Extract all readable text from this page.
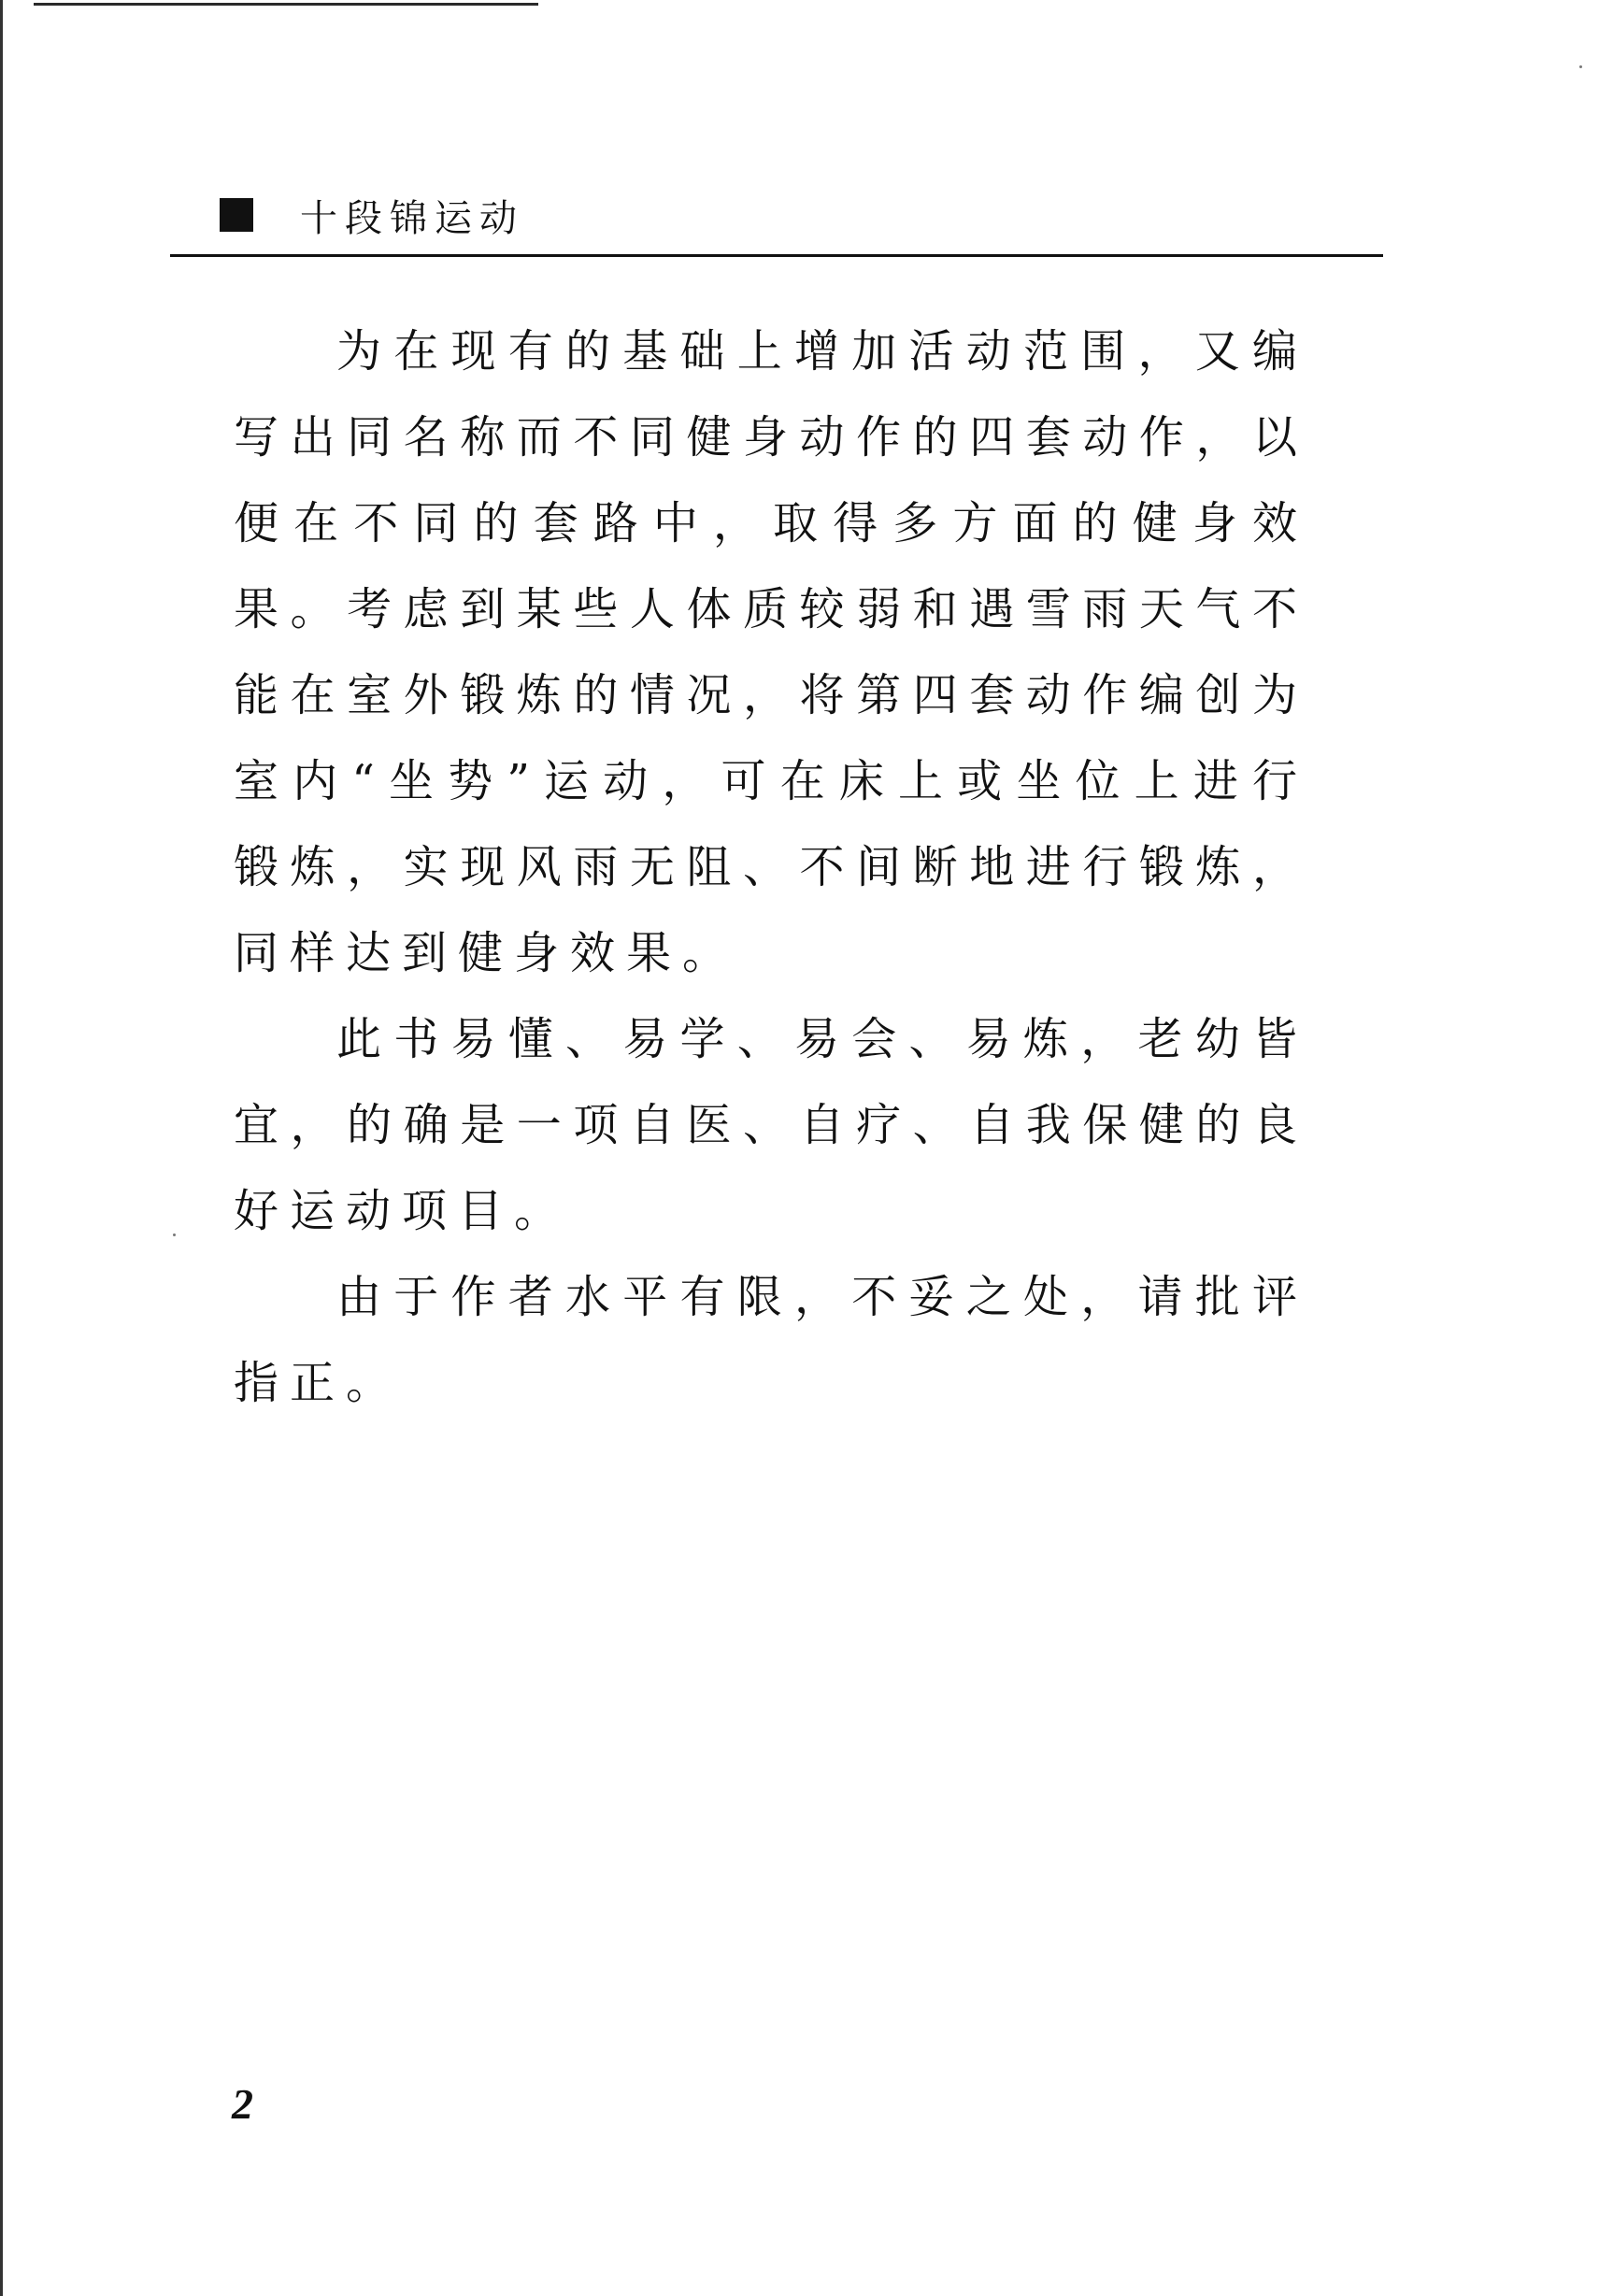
十段锦运动

为在现有的基础上增加活动范围，又编写出同名称而不同健身动作的四套动作，以便在不同的套路中，取得多方面的健身效果。考虑到某些人体质较弱和遇雪雨天气不能在室外锻炼的情况，将第四套动作编创为室内“坐势”运动，可在床上或坐位上进行锻炼，实现风雨无阻、不间断地进行锻炼，同样达到健身效果。

此书易懂、易学、易会、易炼，老幼皆宜，的确是一项自医、自疗、自我保健的良好运动项目。

由于作者水平有限，不妥之处，请批评指正。

2
